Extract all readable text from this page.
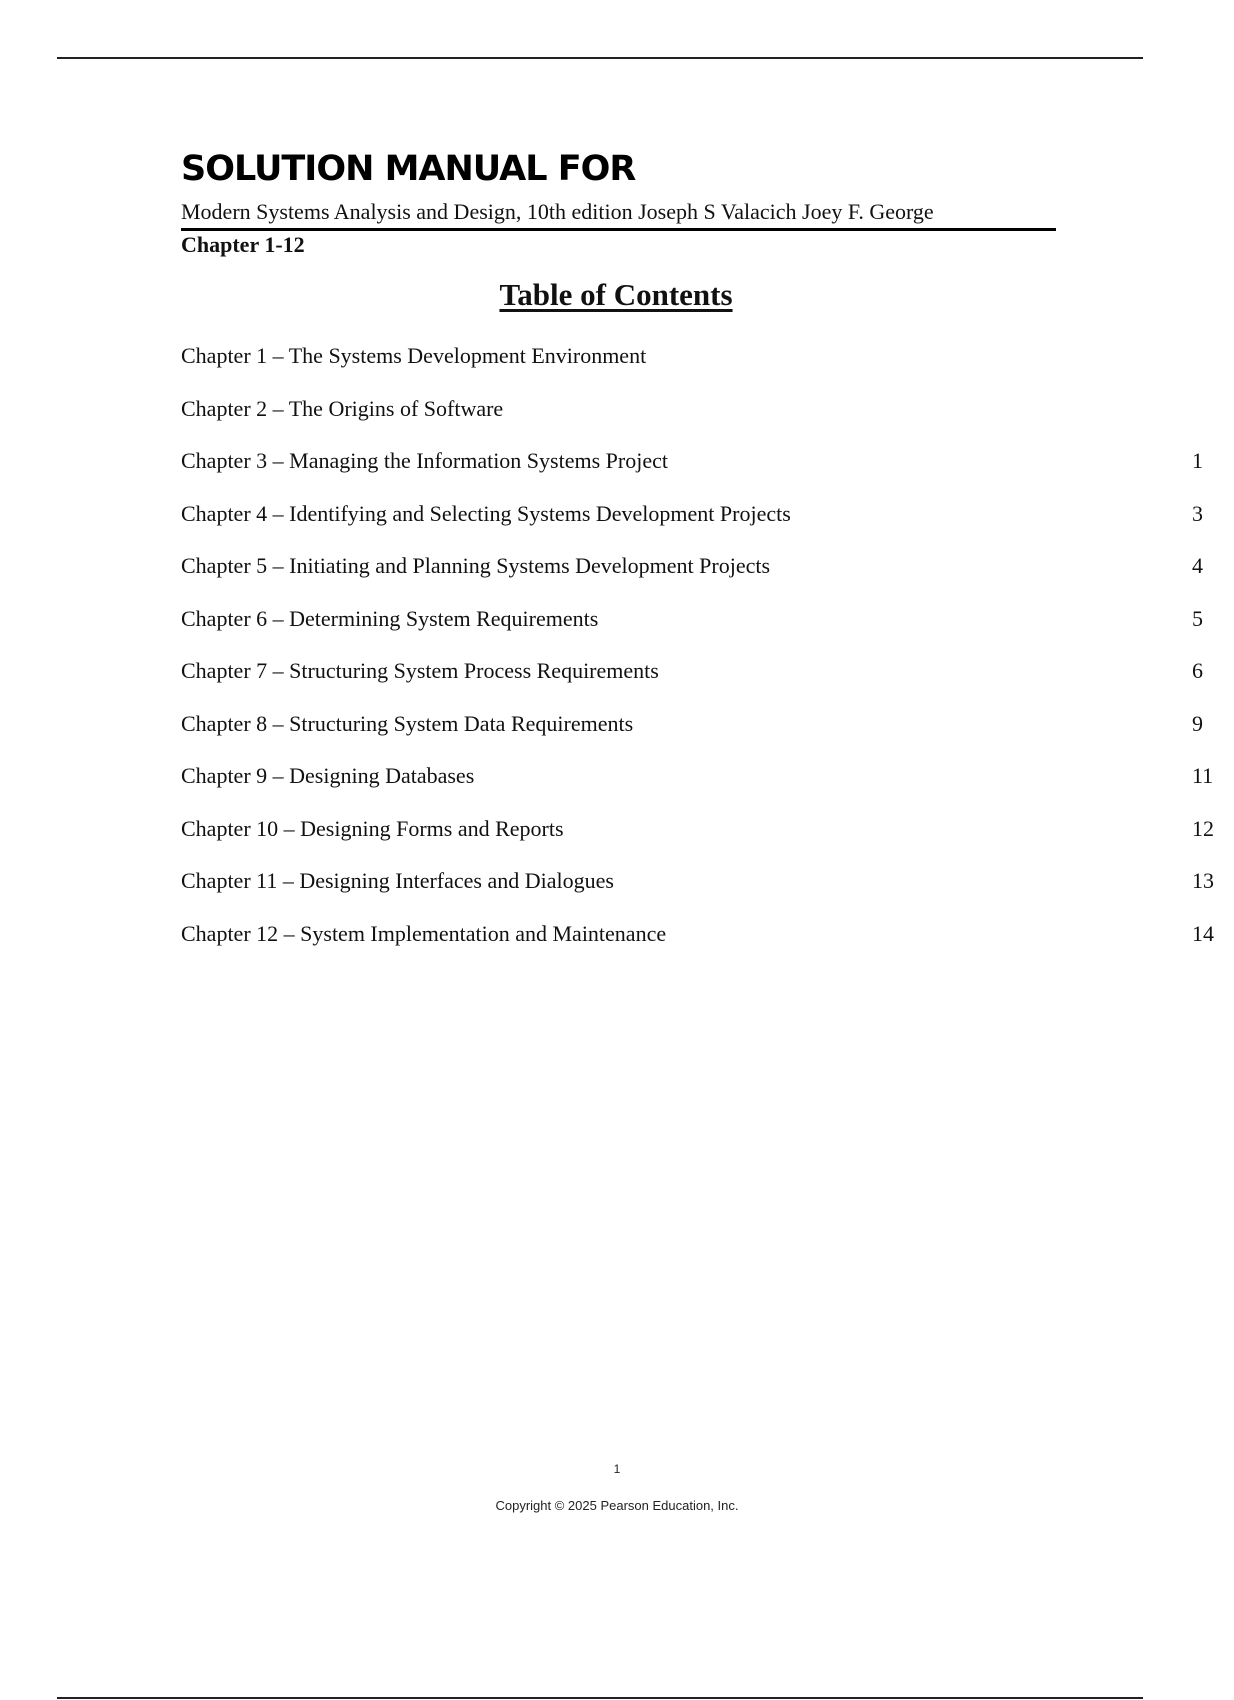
SOLUTION MANUAL FOR
Modern Systems Analysis and Design, 10th edition Joseph S Valacich Joey F. George
Chapter 1-12
Table of Contents
Chapter 1 – The Systems Development Environment
Chapter 2 – The Origins of Software
Chapter 3 – Managing the Information Systems Project	1
Chapter 4 – Identifying and Selecting Systems Development Projects	3
Chapter 5 – Initiating and Planning Systems Development Projects	4
Chapter 6 – Determining System Requirements	5
Chapter 7 – Structuring System Process Requirements	6
Chapter 8 – Structuring System Data Requirements	9
Chapter 9 – Designing Databases	11
Chapter 10 – Designing Forms and Reports	12
Chapter 11 – Designing Interfaces and Dialogues	13
Chapter 12 – System Implementation and Maintenance	14
1
Copyright © 2025 Pearson Education, Inc.
